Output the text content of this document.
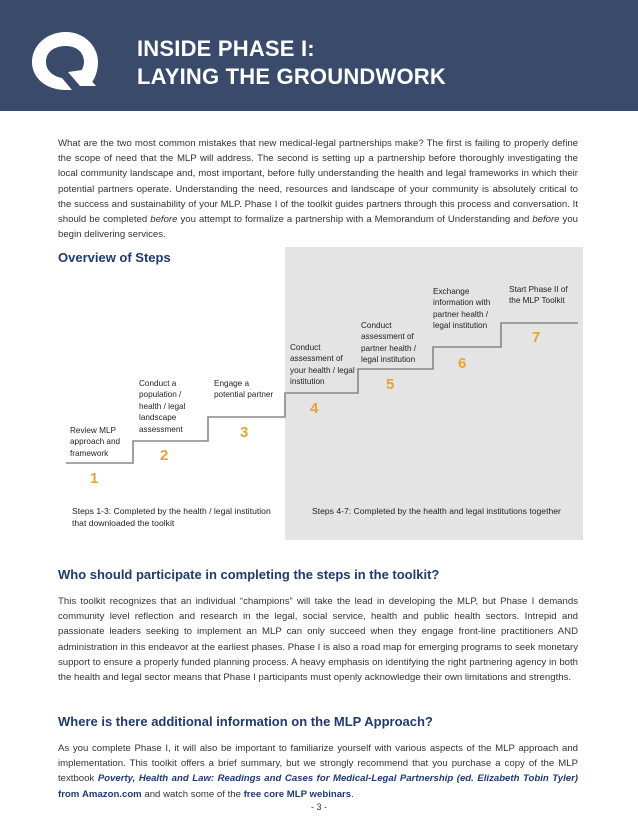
INSIDE PHASE I:
LAYING THE GROUNDWORK
What are the two most common mistakes that new medical-legal partnerships make? The first is failing to properly define the scope of need that the MLP will address. The second is setting up a partnership before thoroughly investigating the local community landscape and, most important, before fully understanding the health and legal frameworks in which their potential partners operate. Understanding the need, resources and landscape of your community is absolutely critical to the success and sustainability of your MLP. Phase I of the toolkit guides partners through this process and conversation. It should be completed before you attempt to formalize a partnership with a Memorandum of Understanding and before you begin delivering services.
Overview of Steps
Review MLP approach and framework
1
Conduct a population / health / legal landscape assessment
2
Engage a potential partner
3
Conduct assessment of your health / legal institution
4
Conduct assessment of partner health / legal institution
5
Exchange information with partner health / legal institution
6
Start Phase II of the MLP Toolkit
7
Steps 1-3: Completed by the health / legal institution that downloaded the toolkit
Steps 4-7: Completed by the health and legal institutions together
Who should participate in completing the steps in the toolkit?
This toolkit recognizes that an individual “champions” will take the lead in developing the MLP, but Phase I demands community level reflection and research in the legal, social service, health and public health sectors. Intrepid and passionate leaders seeking to implement an MLP can only succeed when they engage front-line practitioners AND administration in this endeavor at the earliest phases. Phase I is also a road map for emerging programs to seek monetary support to ensure a properly funded planning process. A heavy emphasis on identifying the right partnering agency in both the health and legal sector means that Phase I participants must openly acknowledge their own limitations and strengths.
Where is there additional information on the MLP Approach?
As you complete Phase I, it will also be important to familiarize yourself with various aspects of the MLP approach and implementation. This toolkit offers a brief summary, but we strongly recommend that you purchase a copy of the MLP textbook Poverty, Health and Law: Readings and Cases for Medical-Legal Partnership (ed. Elizabeth Tobin Tyler) from Amazon.com and watch some of the free core MLP webinars.
- 3 -
